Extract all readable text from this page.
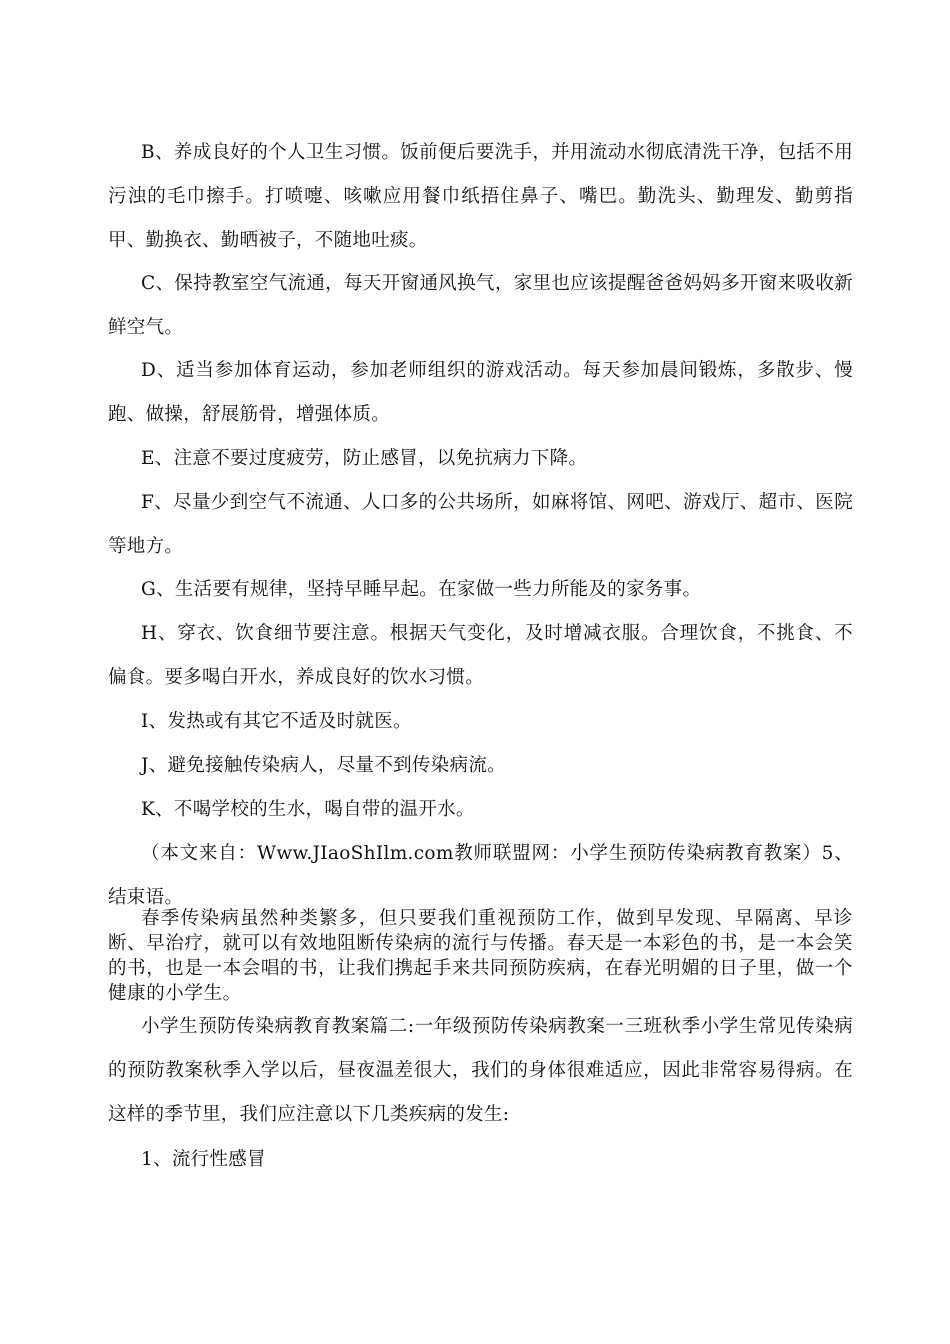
B、养成良好的个人卫生习惯。饭前便后要洗手，并用流动水彻底清洗干净，包括不用污浊的毛巾擦手。打喷嚏、咳嗽应用餐巾纸捂住鼻子、嘴巴。勤洗头、勤理发、勤剪指甲、勤换衣、勤晒被子，不随地吐痰。

C、保持教室空气流通，每天开窗通风换气，家里也应该提醒爸爸妈妈多开窗来吸收新鲜空气。

D、适当参加体育运动，参加老师组织的游戏活动。每天参加晨间锻炼，多散步、慢跑、做操，舒展筋骨，增强体质。

E、注意不要过度疲劳，防止感冒，以免抗病力下降。

F、尽量少到空气不流通、人口多的公共场所，如麻将馆、网吧、游戏厅、超市、医院等地方。

G、生活要有规律，坚持早睡早起。在家做一些力所能及的家务事。

H、穿衣、饮食细节要注意。根据天气变化，及时增减衣服。合理饮食，不挑食、不偏食。要多喝白开水，养成良好的饮水习惯。

I、发热或有其它不适及时就医。

J、避免接触传染病人，尽量不到传染病流。

K、不喝学校的生水，喝自带的温开水。

（本文来自：Www.JIaoShIlm.com教师联盟网：小学生预防传染病教育教案）5、结束语。

春季传染病虽然种类繁多，但只要我们重视预防工作，做到早发现、早隔离、早诊断、早治疗，就可以有效地阻断传染病的流行与传播。春天是一本彩色的书，是一本会笑的书，也是一本会唱的书，让我们携起手来共同预防疾病，在春光明媚的日子里，做一个健康的小学生。

小学生预防传染病教育教案篇二:一年级预防传染病教案一三班秋季小学生常见传染病的预防教案秋季入学以后，昼夜温差很大，我们的身体很难适应，因此非常容易得病。在这样的季节里，我们应注意以下几类疾病的发生:

1、流行性感冒
